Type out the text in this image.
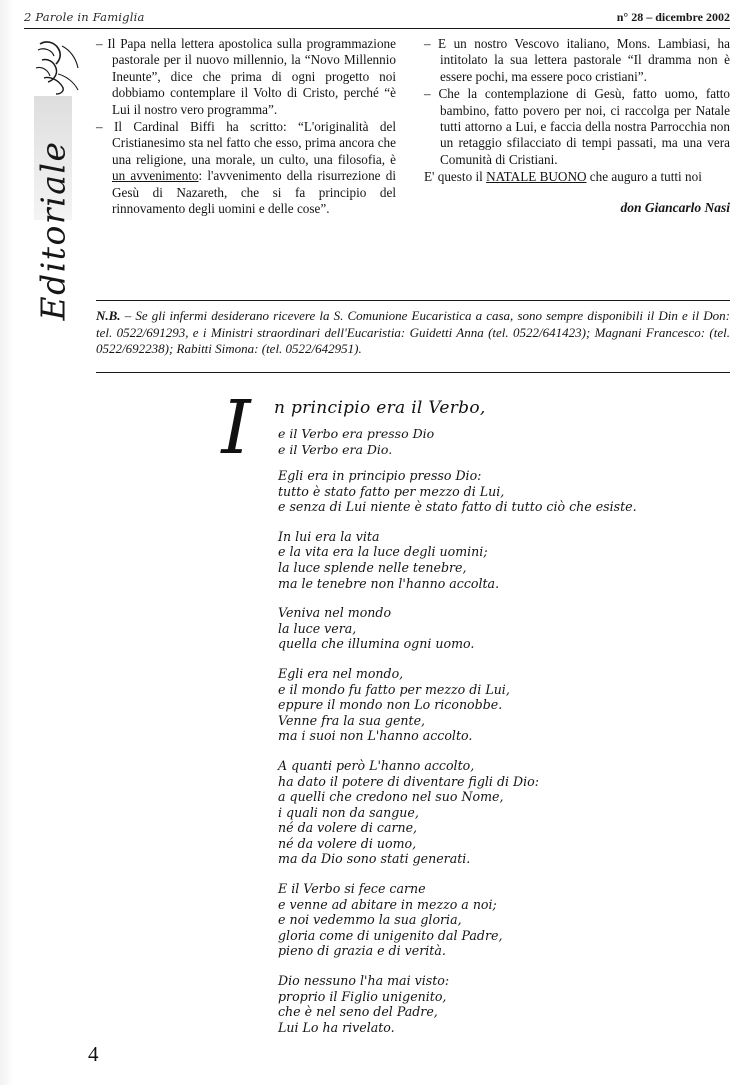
2 Parole in Famiglia	n° 28 – dicembre 2002
Editoriale

– Il Papa nella lettera apostolica sulla programmazione pastorale per il nuovo millennio, la “Novo Millennio Ineunte”, dice che prima di ogni progetto noi dobbiamo contemplare il Volto di Cristo, perché “è Lui il nostro vero programma”.

– Il Cardinal Biffi ha scritto: “L'originalità del Cristianesimo sta nel fatto che esso, prima ancora che una religione, una morale, un culto, una filosofia, è un avvenimento: l'avvenimento della risurrezione di Gesù di Nazareth, che si fa principio del rinnovamento degli uomini e delle cose”.

– E un nostro Vescovo italiano, Mons. Lambiasi, ha intitolato la sua lettera pastorale “Il dramma non è essere pochi, ma essere poco cristiani”.

– Che la contemplazione di Gesù, fatto uomo, fatto bambino, fatto povero per noi, ci raccolga per Natale tutti attorno a Lui, e faccia della nostra Parrocchia non un retaggio sfilacciato di tempi passati, ma una vera Comunità di Cristiani.

E' questo il NATALE BUONO che auguro a tutti noi

don Giancarlo Nasi

N.B. – Se gli infermi desiderano ricevere la S. Comunione Eucaristica a casa, sono sempre disponibili il Din e il Don: tel. 0522/691293, e i Ministri straordinari dell'Eucaristia: Guidetti Anna (tel. 0522/641423); Magnani Francesco: (tel. 0522/692238); Rabitti Simona: (tel. 0522/642951).
I	n principio era il Verbo,
e il Verbo era presso Dio
e il Verbo era Dio.
Egli era in principio presso Dio:
tutto è stato fatto per mezzo di Lui,
e senza di Lui niente è stato fatto di tutto ciò che esiste.
In lui era la vita
e la vita era la luce degli uomini;
la luce splende nelle tenebre,
ma le tenebre non l'hanno accolta.
Veniva nel mondo
la luce vera,
quella che illumina ogni uomo.
Egli era nel mondo,
e il mondo fu fatto per mezzo di Lui,
eppure il mondo non Lo riconobbe.
Venne fra la sua gente,
ma i suoi non L'hanno accolto.
A quanti però L'hanno accolto,
ha dato il potere di diventare figli di Dio:
a quelli che credono nel suo Nome,
i quali non da sangue,
né da volere di carne,
né da volere di uomo,
ma da Dio sono stati generati.
E il Verbo si fece carne
e venne ad abitare in mezzo a noi;
e noi vedemmo la sua gloria,
gloria come di unigenito dal Padre,
pieno di grazia e di verità.
Dio nessuno l'ha mai visto:
proprio il Figlio unigenito,
che è nel seno del Padre,
Lui Lo ha rivelato.
4
